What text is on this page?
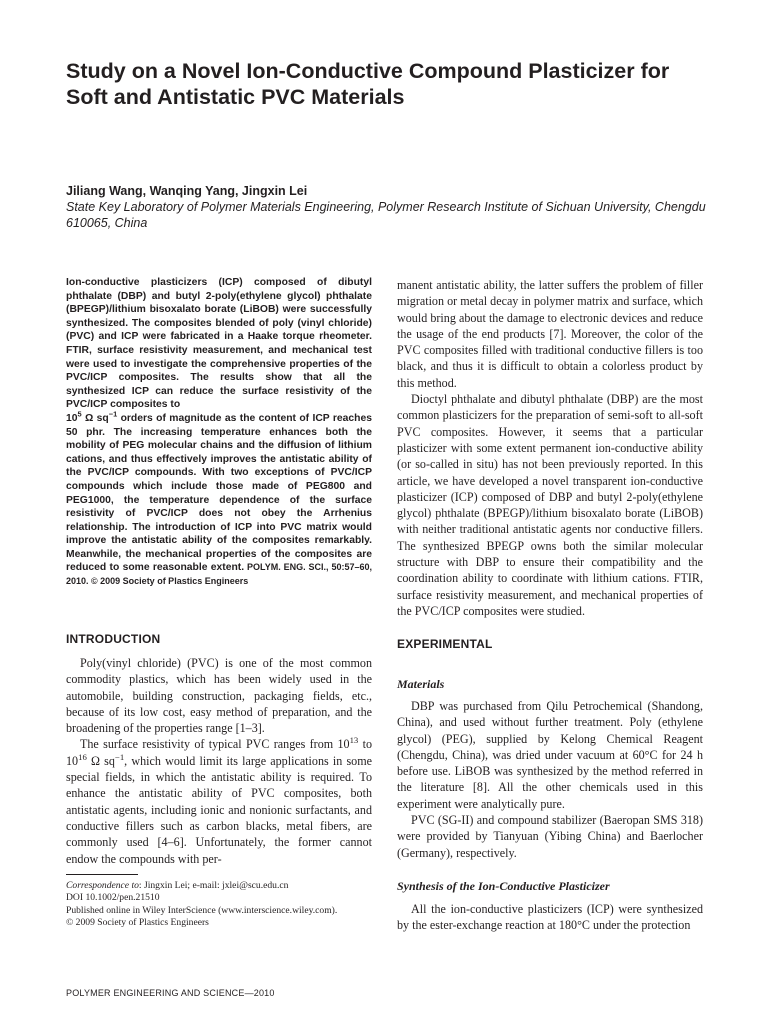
Study on a Novel Ion-Conductive Compound Plasticizer for Soft and Antistatic PVC Materials

Jiliang Wang, Wanqing Yang, Jingxin Lei

State Key Laboratory of Polymer Materials Engineering, Polymer Research Institute of Sichuan University, Chengdu 610065, China

Ion-conductive plasticizers (ICP) composed of dibutyl phthalate (DBP) and butyl 2-poly(ethylene glycol) phthalate (BPEGP)/lithium bisoxalato borate (LiBOB) were successfully synthesized. The composites blended of poly (vinyl chloride) (PVC) and ICP were fabricated in a Haake torque rheometer. FTIR, surface resistivity measurement, and mechanical test were used to investigate the comprehensive properties of the PVC/ICP composites. The results show that all the synthesized ICP can reduce the surface resistivity of the PVC/ICP composites to
$10^5$ Ω $sq^{-1}$ orders of magnitude as the content of ICP reaches 50 phr. The increasing temperature enhances both the mobility of PEG molecular chains and the diffusion of lithium cations, and thus effectively improves the antistatic ability of the PVC/ICP compounds. With two exceptions of PVC/ICP compounds which include those made of PEG800 and PEG1000, the temperature dependence of the surface resistivity of PVC/ICP does not obey the Arrhenius relationship. The introduction of ICP into PVC matrix would improve the antistatic ability of the composites remarkably. Meanwhile, the mechanical properties of the composites are reduced to some reasonable extent. POLYM. ENG. SCI., 50:57–60, 2010. © 2009 Society of Plastics Engineers
INTRODUCTION

Poly(vinyl chloride) (PVC) is one of the most common commodity plastics, which has been widely used in the automobile, building construction, packaging fields, etc., because of its low cost, easy method of preparation, and the broadening of the properties range [1–3].

The surface resistivity of typical PVC ranges from $10^{13}$ to $10^{16}$ Ω $sq^{-1}$, which would limit its large applications in some special fields, in which the antistatic ability is required. To enhance the antistatic ability of PVC composites, both antistatic agents, including ionic and nonionic surfactants, and conductive fillers such as carbon blacks, metal fibers, are commonly used [4–6]. Unfortunately, the former cannot endow the compounds with per-

Correspondence to: Jingxin Lei; e-mail: jxlei@scu.edu.cn
DOI 10.1002/pen.21510
Published online in Wiley InterScience (www.interscience.wiley.com).
© 2009 Society of Plastics Engineers

POLYMER ENGINEERING AND SCIENCE—2010

manent antistatic ability, the latter suffers the problem of filler migration or metal decay in polymer matrix and surface, which would bring about the damage to electronic devices and reduce the usage of the end products [7]. Moreover, the color of the PVC composites filled with traditional conductive fillers is too black, and thus it is difficult to obtain a colorless product by this method.

Dioctyl phthalate and dibutyl phthalate (DBP) are the most common plasticizers for the preparation of semi-soft to all-soft PVC composites. However, it seems that a particular plasticizer with some extent permanent ion-conductive ability (or so-called in situ) has not been previously reported. In this article, we have developed a novel transparent ion-conductive plasticizer (ICP) composed of DBP and butyl 2-poly(ethylene glycol) phthalate (BPEGP)/lithium bisoxalato borate (LiBOB) with neither traditional antistatic agents nor conductive fillers. The synthesized BPEGP owns both the similar molecular structure with DBP to ensure their compatibility and the coordination ability to coordinate with lithium cations. FTIR, surface resistivity measurement, and mechanical properties of the PVC/ICP composites were studied.

EXPERIMENTAL
Materials

DBP was purchased from Qilu Petrochemical (Shandong, China), and used without further treatment. Poly (ethylene glycol) (PEG), supplied by Kelong Chemical Reagent (Chengdu, China), was dried under vacuum at 60°C for 24 h before use. LiBOB was synthesized by the method referred in the literature [8]. All the other chemicals used in this experiment were analytically pure.

PVC (SG-II) and compound stabilizer (Baeropan SMS 318) were provided by Tianyuan (Yibing China) and Baerlocher (Germany), respectively.

Synthesis of the Ion-Conductive Plasticizer

All the ion-conductive plasticizers (ICP) were synthesized by the ester-exchange reaction at 180°C under the protection
